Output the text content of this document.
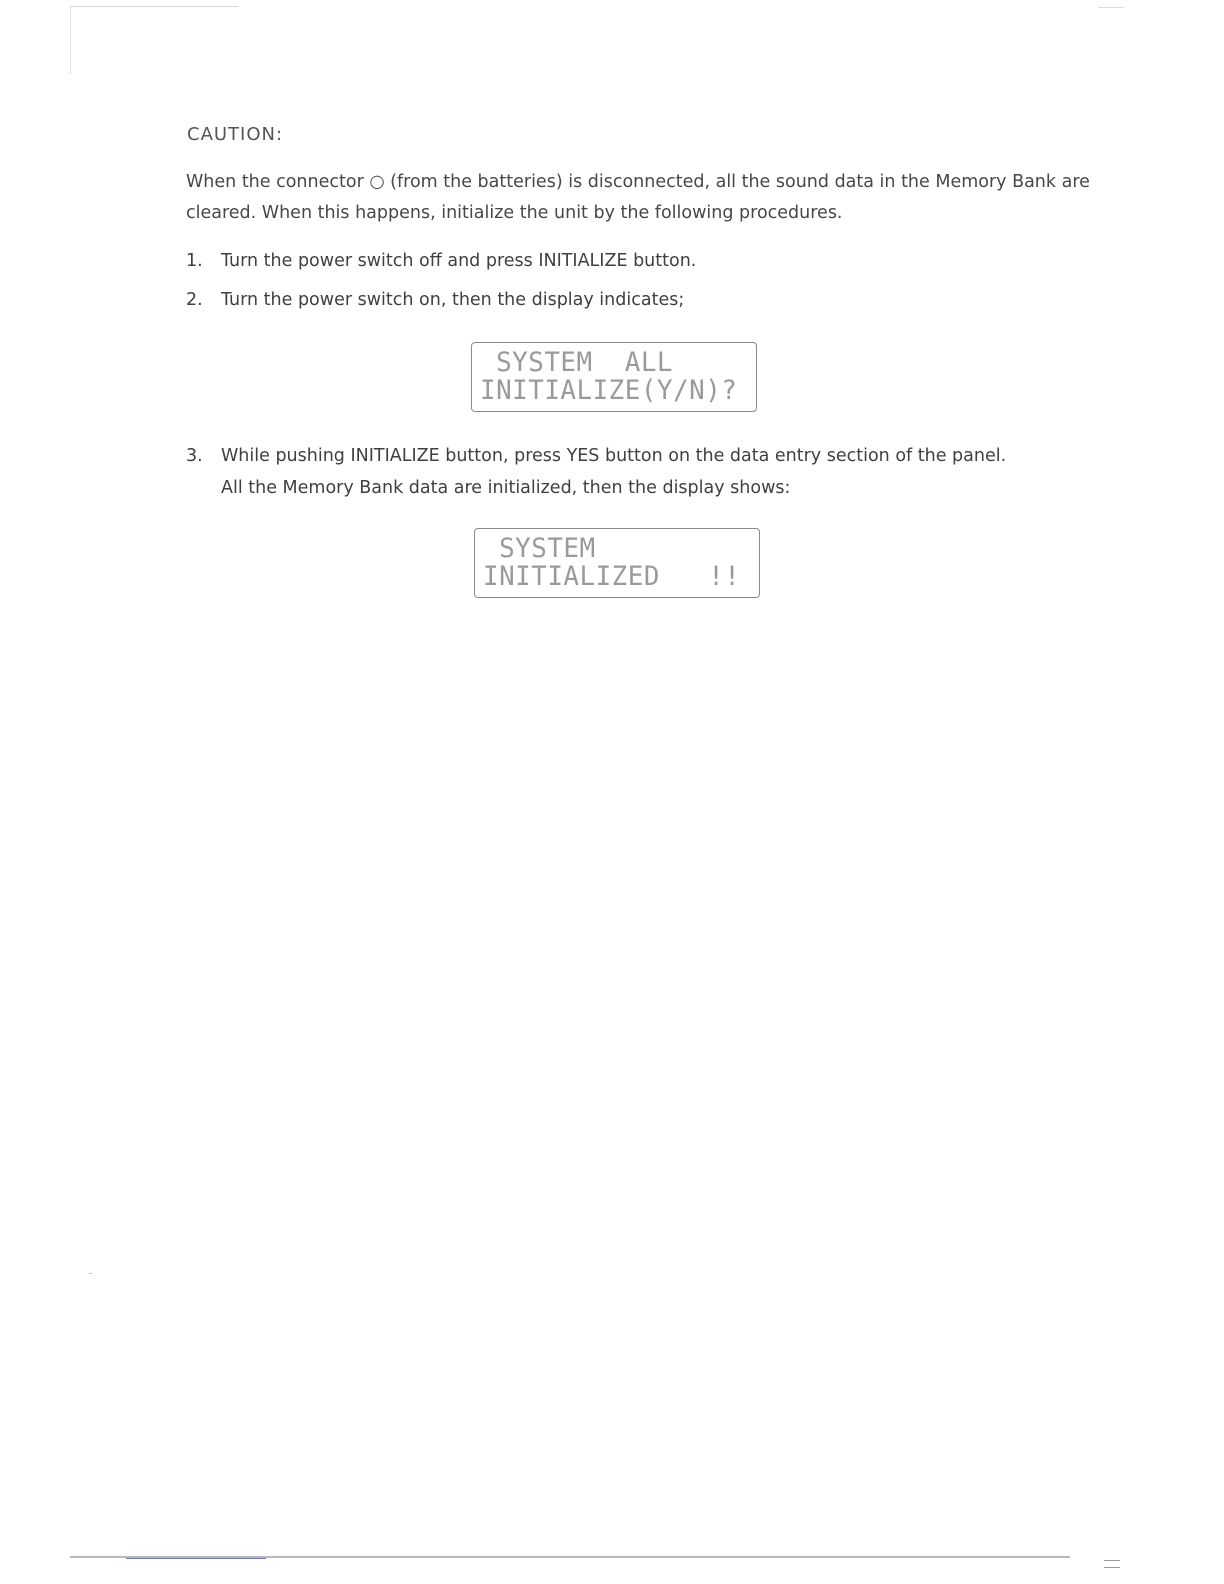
CAUTION:
When the connector ○ (from the batteries) is disconnected, all the sound data in the Memory Bank are cleared. When this happens, initialize the unit by the following procedures.
1. Turn the power switch off and press INITIALIZE button.
2. Turn the power switch on, then the display indicates;
SYSTEM  ALL
INITIALIZE(Y/N)?
3. While pushing INITIALIZE button, press YES button on the data entry section of the panel.
All the Memory Bank data are initialized, then the display shows:
SYSTEM
INITIALIZED   !!
